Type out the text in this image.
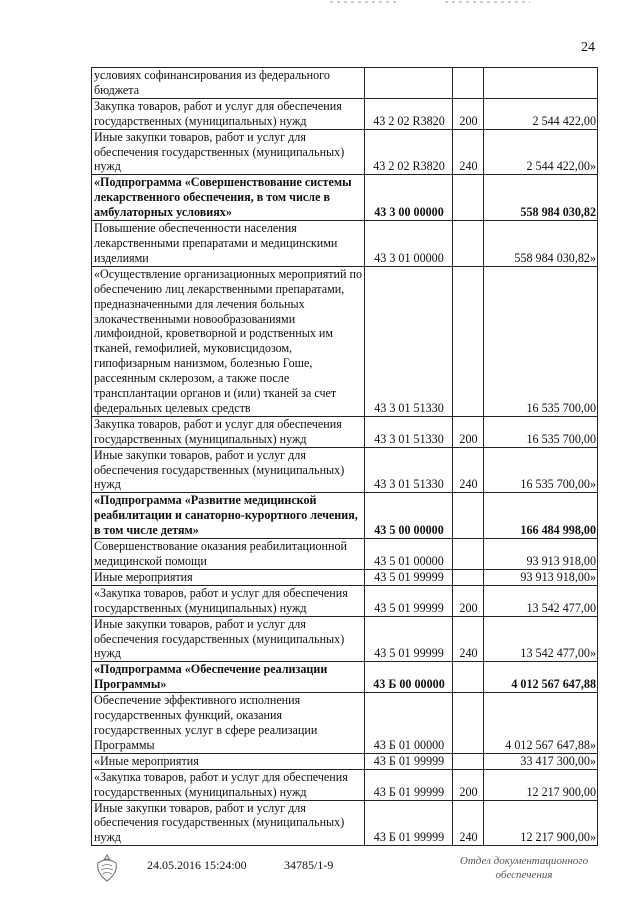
24
условиях софинансирования из федерального бюджета			
Закупка товаров, работ и услуг для обеспечения государственных (муниципальных) нужд	43 2 02 R3820	200	2 544 422,00
Иные закупки товаров, работ и услуг для обеспечения государственных (муниципальных) нужд	43 2 02 R3820	240	2 544 422,00»
«Подпрограмма «Совершенствование системы лекарственного обеспечения, в том числе в амбулаторных условиях»	43 3 00 00000		558 984 030,82
Повышение обеспеченности населения лекарственными препаратами и медицинскими изделиями	43 3 01 00000		558 984 030,82»
«Осуществление организационных мероприятий по обеспечению лиц лекарственными препаратами, предназначенными для лечения больных злокачественными новообразованиями лимфоидной, кроветворной и родственных им тканей, гемофилией, муковисцидозом, гипофизарным нанизмом, болезнью Гоше, рассеянным склерозом, а также после трансплантации органов и (или) тканей за счет федеральных целевых средств	43 3 01 51330		16 535 700,00
Закупка товаров, работ и услуг для обеспечения государственных (муниципальных) нужд	43 3 01 51330	200	16 535 700,00
Иные закупки товаров, работ и услуг для обеспечения государственных (муниципальных) нужд	43 3 01 51330	240	16 535 700,00»
«Подпрограмма «Развитие медицинской реабилитации и санаторно-курортного лечения, в том числе детям»	43 5 00 00000		166 484 998,00
Совершенствование оказания реабилитационной медицинской помощи	43 5 01 00000		93 913 918,00
Иные мероприятия	43 5 01 99999		93 913 918,00»
«Закупка товаров, работ и услуг для обеспечения государственных (муниципальных) нужд	43 5 01 99999	200	13 542 477,00
Иные закупки товаров, работ и услуг для обеспечения государственных (муниципальных) нужд	43 5 01 99999	240	13 542 477,00»
«Подпрограмма «Обеспечение реализации Программы»	43 Б 00 00000		4 012 567 647,88
Обеспечение эффективного исполнения государственных функций, оказания государственных услуг в сфере реализации Программы	43 Б 01 00000		4 012 567 647,88»
«Иные мероприятия	43 Б 01 99999		33 417 300,00»
«Закупка товаров, работ и услуг для обеспечения государственных (муниципальных) нужд	43 Б 01 99999	200	12 217 900,00
Иные закупки товаров, работ и услуг для обеспечения государственных (муниципальных) нужд	43 Б 01 99999	240	12 217 900,00»
24.05.2016 15:24:00	34785/1-9	Отдел документационного обеспечения
